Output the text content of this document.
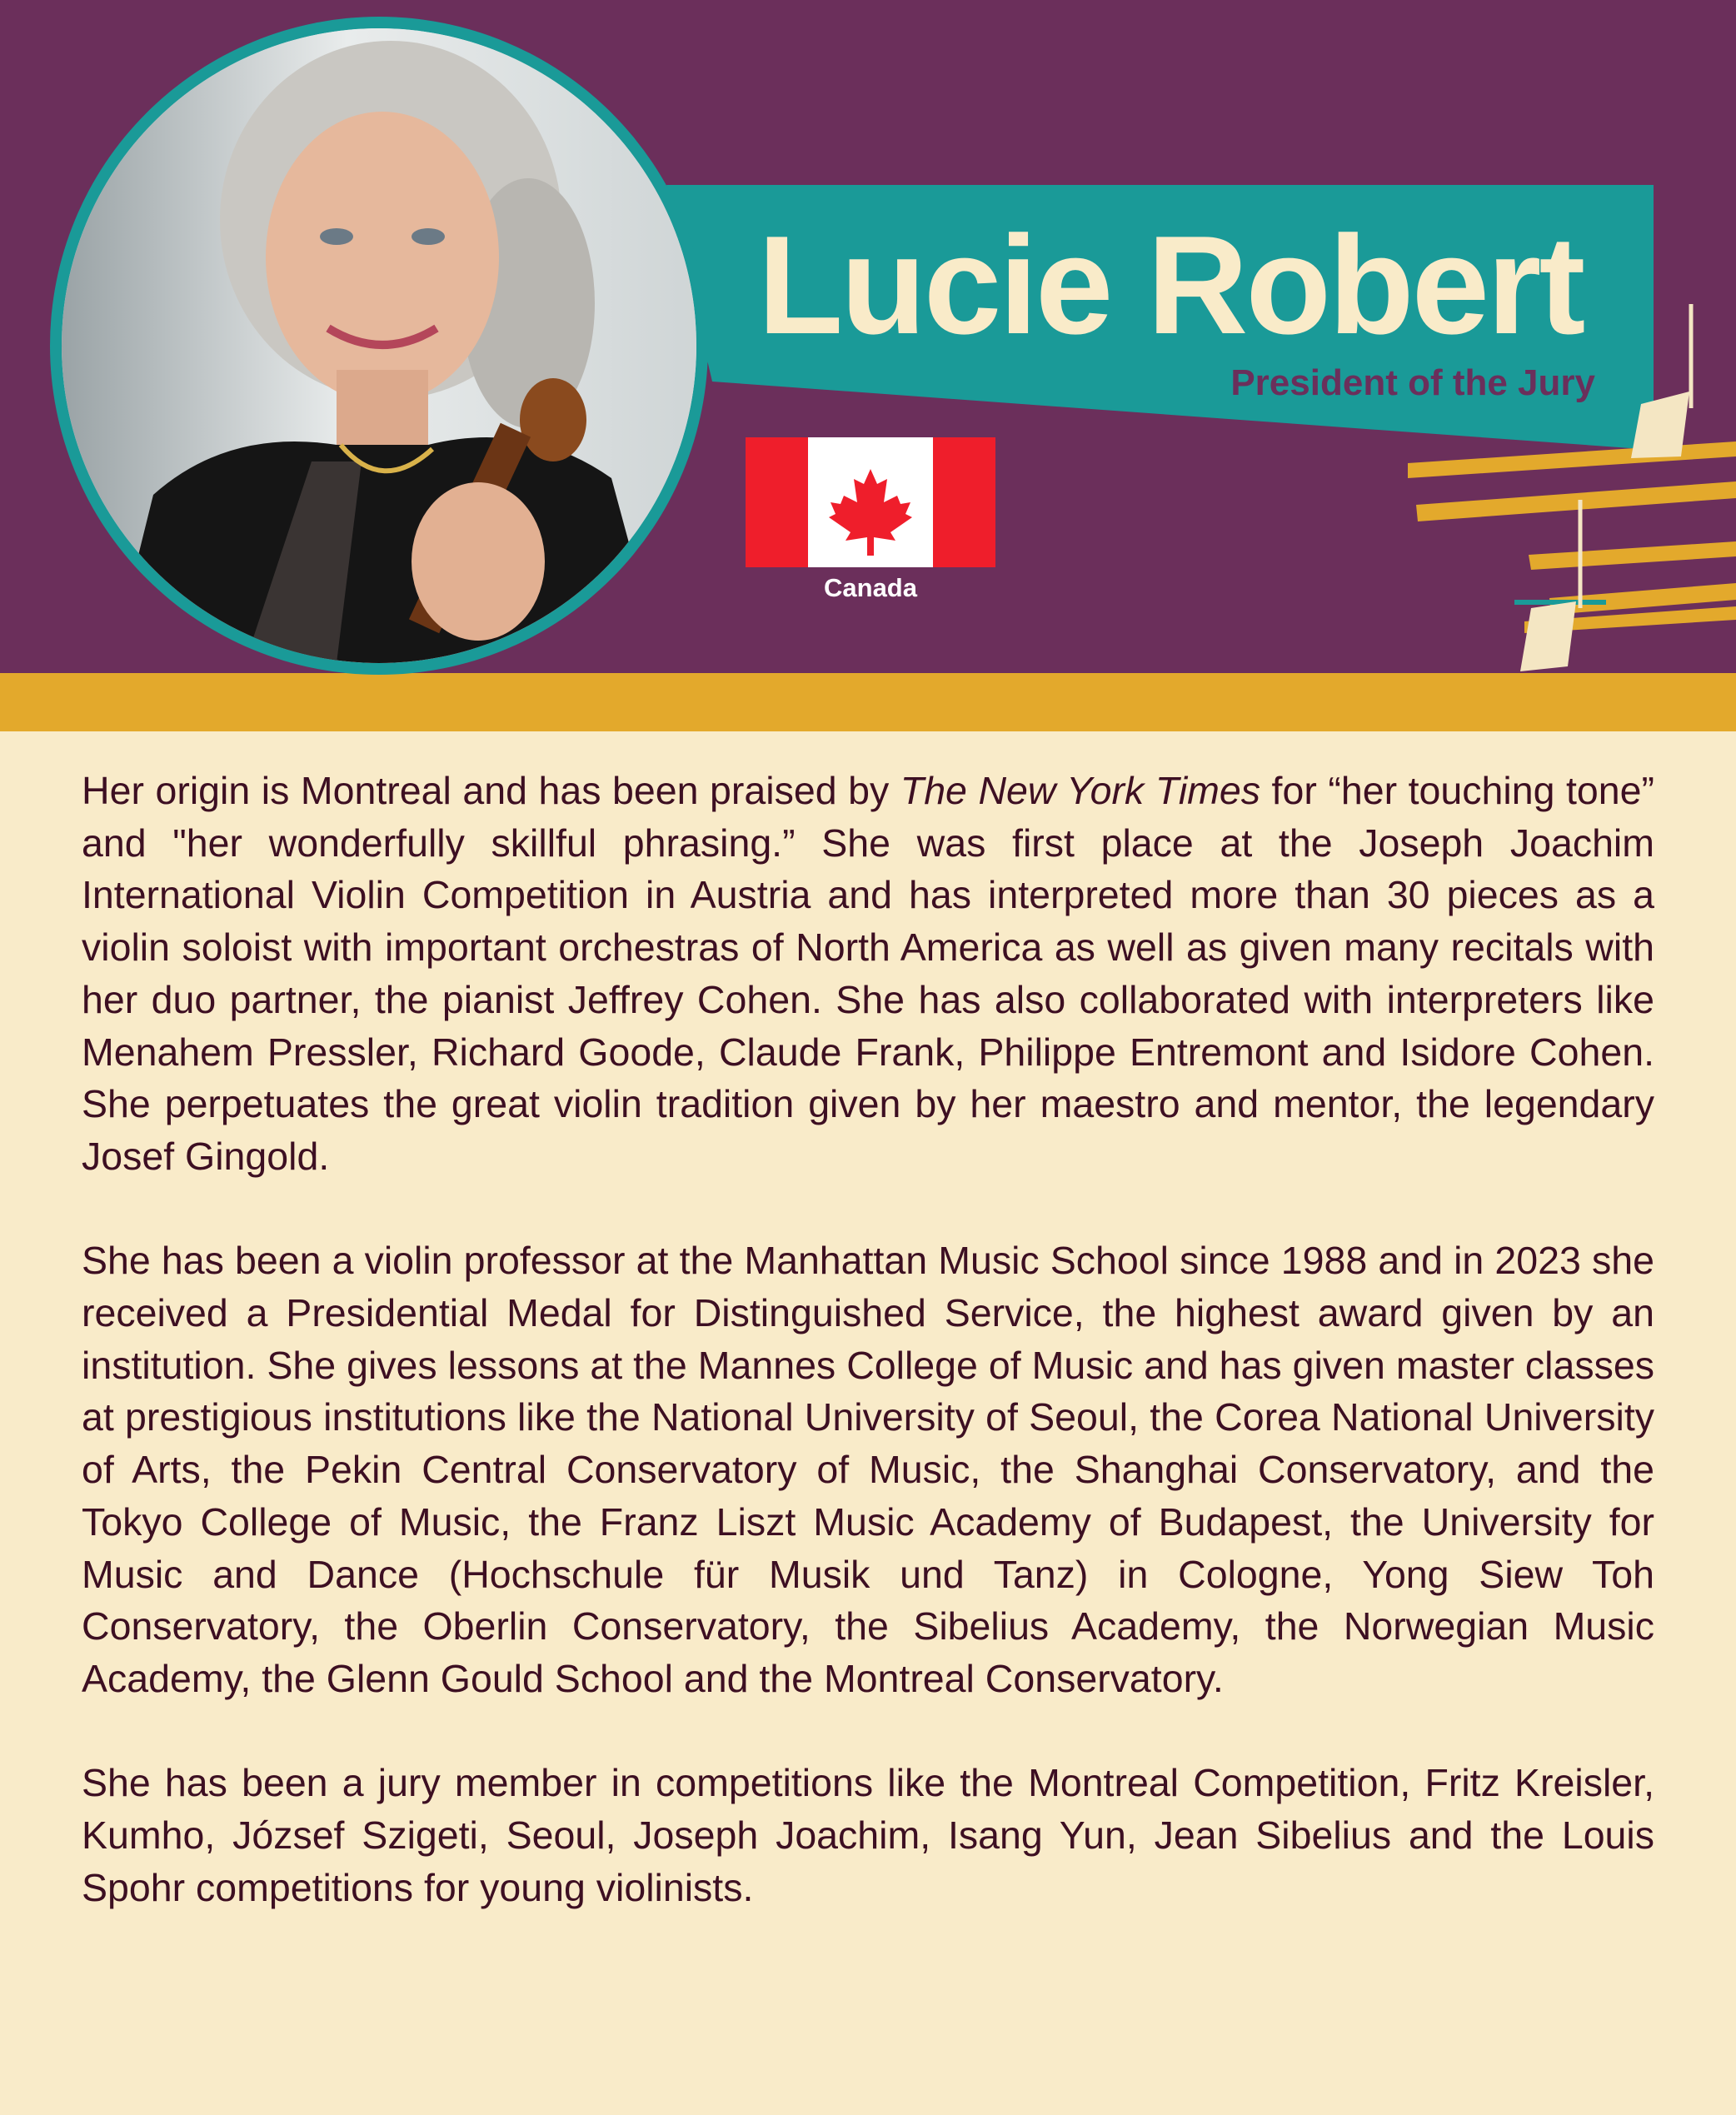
Lucie Robert
President of the Jury
Canada

Her origin is Montreal and has been praised by The New York Times for “her touching tone” and "her wonderfully skillful phrasing.” She was first place at the Joseph Joachim International Violin Competition in Austria and has interpreted more than 30 pieces as a violin soloist with important orchestras of North America as well as given many recitals with her duo partner, the pianist Jeffrey Cohen. She has also collaborated with interpreters like Menahem Pressler, Richard Goode, Claude Frank, Philippe Entremont and Isidore Cohen. She perpetuates the great violin tradition given by her maestro and mentor, the legendary Josef Gingold.

She has been a violin professor at the Manhattan Music School since 1988 and in 2023 she received a Presidential Medal for Distinguished Service, the highest award given by an institution. She gives lessons at the Mannes College of Music and has given master classes at prestigious institutions like the National University of Seoul, the Corea National University of Arts, the Pekin Central Conservatory of Music, the Shanghai Conservatory, and the Tokyo College of Music, the Franz Liszt Music Academy of Budapest, the University for Music and Dance (Hochschule für Musik und Tanz) in Cologne, Yong Siew Toh Conservatory, the Oberlin Conservatory, the Sibelius Academy, the Norwegian Music Academy, the Glenn Gould School and the Montreal Conservatory.

She has been a jury member in competitions like the Montreal Competition, Fritz Kreisler, Kumho, József Szigeti, Seoul, Joseph Joachim, Isang Yun, Jean Sibelius and the Louis Spohr competitions for young violinists.
